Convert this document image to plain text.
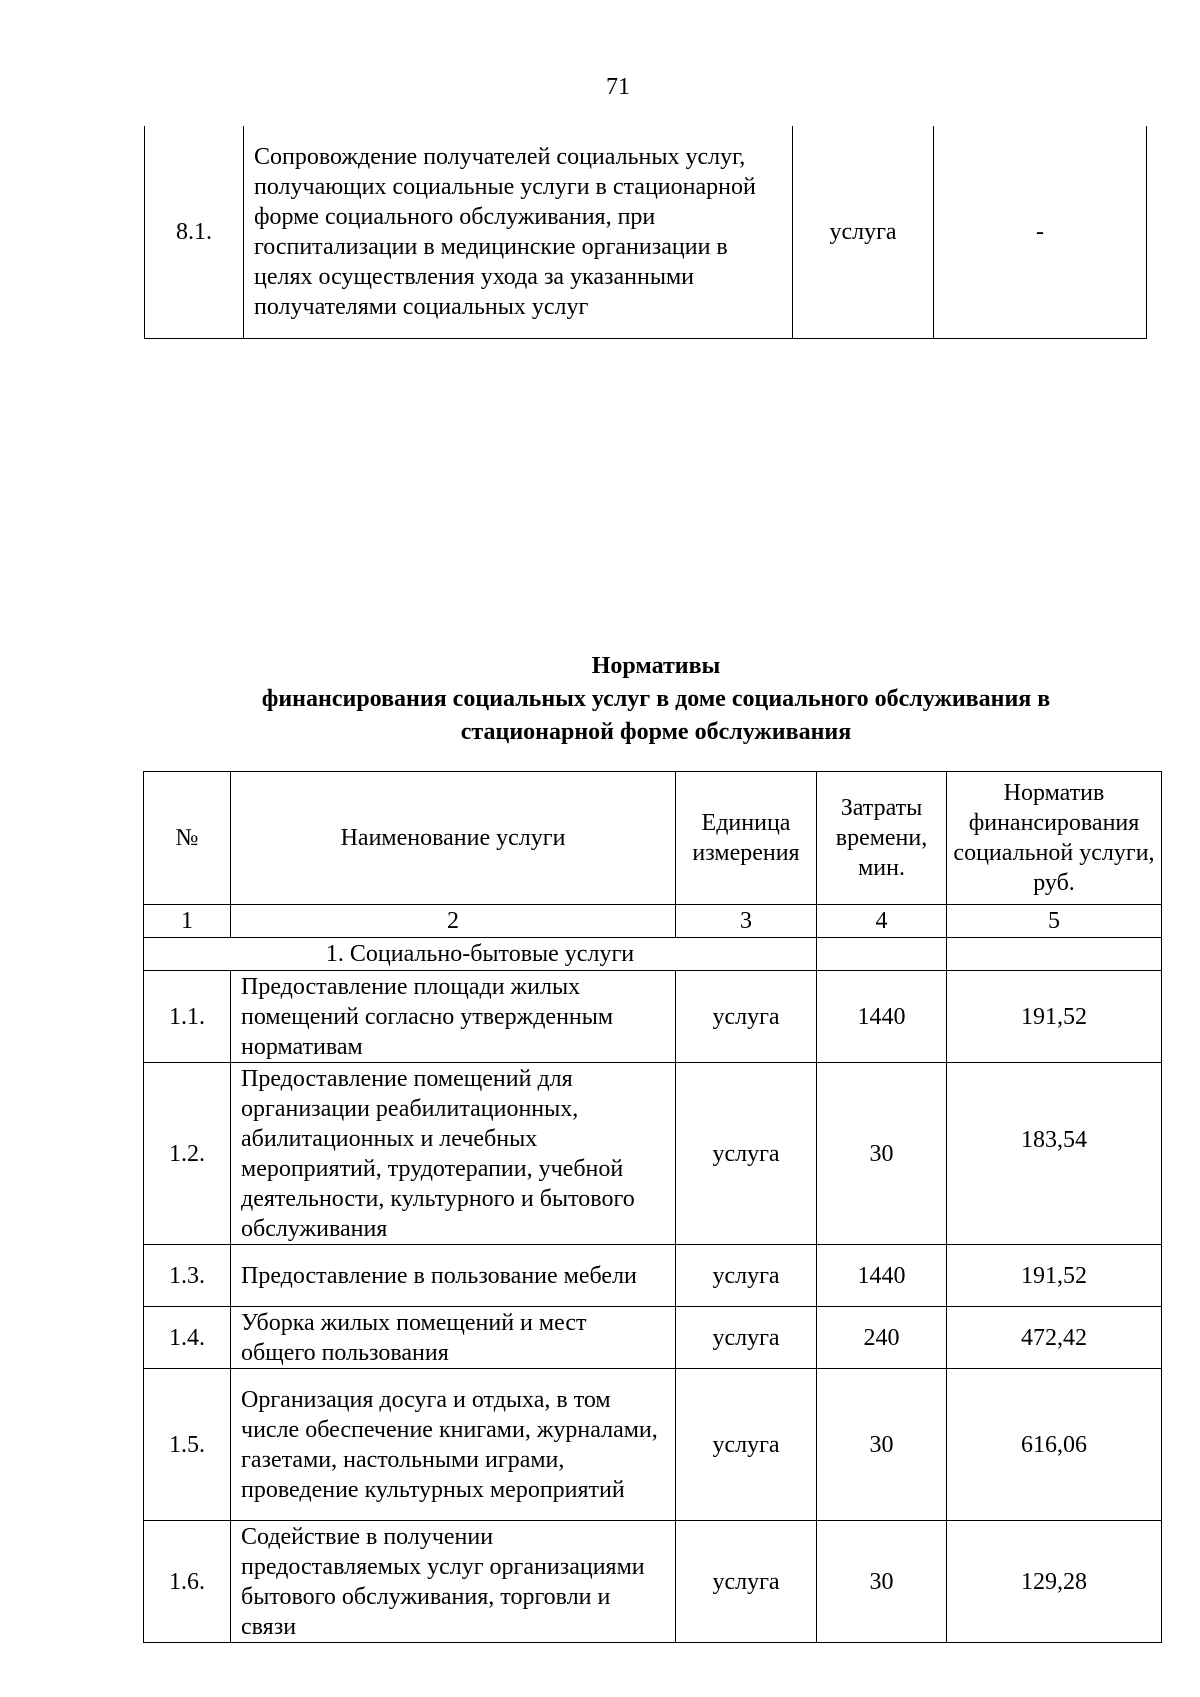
71
8.1.	Сопровождение получателей социальных услуг, получающих социальные услуги в стационарной форме социального обслуживания, при госпитализации в медицинские организации в целях осуществления ухода за указанными получателями социальных услуг	услуга	-
Нормативы
финансирования социальных услуг в доме социального обслуживания в
стационарной форме обслуживания
№	Наименование услуги	Единица измерения	Затраты времени, мин.	Норматив финансирования социальной услуги, руб.
1	2	3	4	5
1. Социально-бытовые услуги				
1.1.	Предоставление площади жилых помещений согласно утвержденным нормативам	услуга	1440	191,52
1.2.	Предоставление помещений для организации реабилитационных, абилитационных и лечебных мероприятий, трудотерапии, учебной деятельности, культурного и бытового обслуживания	услуга	30	183,54
1.3.	Предоставление в пользование мебели	услуга	1440	191,52
1.4.	Уборка жилых помещений и мест общего пользования	услуга	240	472,42
1.5.	Организация досуга и отдыха, в том числе обеспечение книгами, журналами, газетами, настольными играми, проведение культурных мероприятий	услуга	30	616,06
1.6.	Содействие в получении предоставляемых услуг организациями бытового обслуживания, торговли и связи	услуга	30	129,28
